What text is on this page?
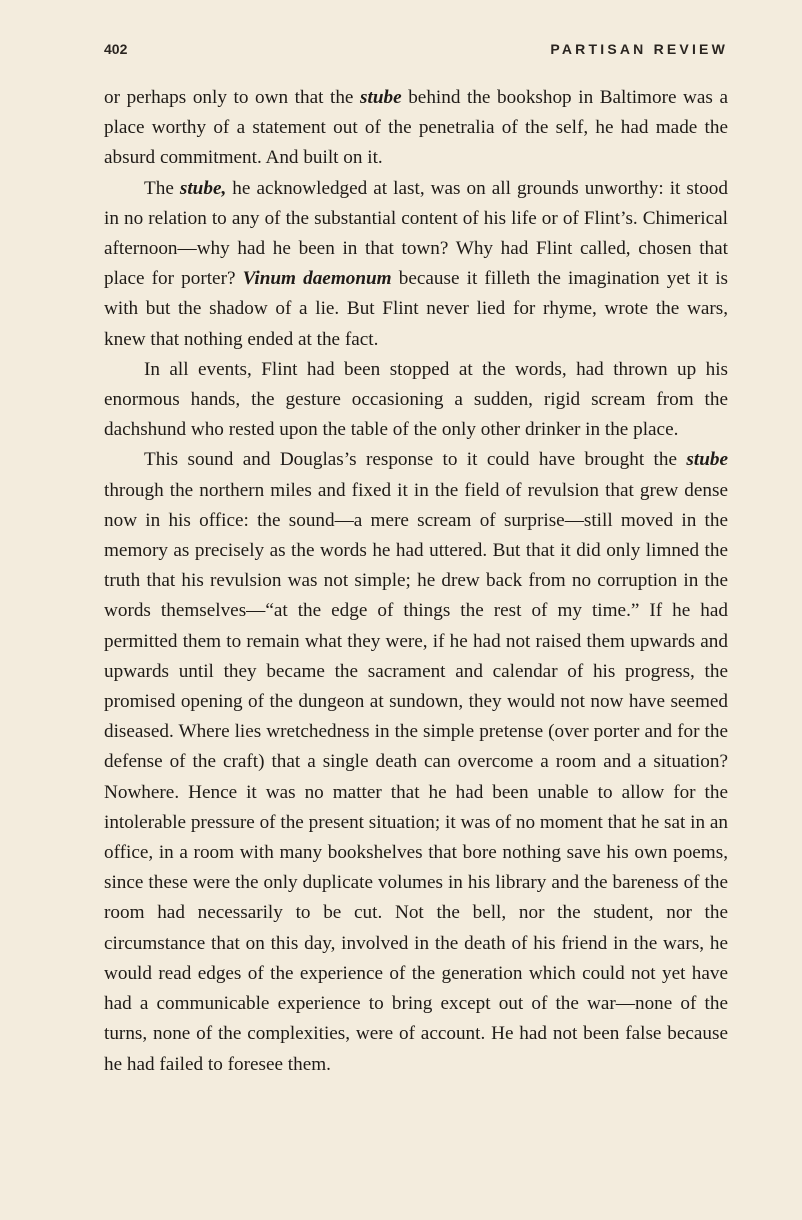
402	PARTISAN REVIEW

or perhaps only to own that the stube behind the bookshop in Baltimore was a place worthy of a statement out of the penetralia of the self, he had made the absurd commitment. And built on it.

The stube, he acknowledged at last, was on all grounds unworthy: it stood in no relation to any of the substantial content of his life or of Flint’s. Chimerical afternoon—why had he been in that town? Why had Flint called, chosen that place for porter? Vinum daemonum because it filleth the imagination yet it is with but the shadow of a lie. But Flint never lied for rhyme, wrote the wars, knew that nothing ended at the fact.

In all events, Flint had been stopped at the words, had thrown up his enormous hands, the gesture occasioning a sudden, rigid scream from the dachshund who rested upon the table of the only other drinker in the place.

This sound and Douglas’s response to it could have brought the stube through the northern miles and fixed it in the field of revulsion that grew dense now in his office: the sound—a mere scream of surprise—still moved in the memory as precisely as the words he had uttered. But that it did only limned the truth that his revulsion was not simple; he drew back from no corruption in the words themselves—“at the edge of things the rest of my time.” If he had permitted them to remain what they were, if he had not raised them upwards and upwards until they became the sacrament and calendar of his progress, the promised opening of the dungeon at sundown, they would not now have seemed diseased. Where lies wretchedness in the simple pretense (over porter and for the defense of the craft) that a single death can overcome a room and a situation? Nowhere. Hence it was no matter that he had been unable to allow for the intolerable pressure of the present situation; it was of no moment that he sat in an office, in a room with many bookshelves that bore nothing save his own poems, since these were the only duplicate volumes in his library and the bareness of the room had necessarily to be cut. Not the bell, nor the student, nor the circumstance that on this day, involved in the death of his friend in the wars, he would read edges of the experience of the generation which could not yet have had a communicable experience to bring except out of the war—none of the turns, none of the complexities, were of account. He had not been false because he had failed to foresee them.
